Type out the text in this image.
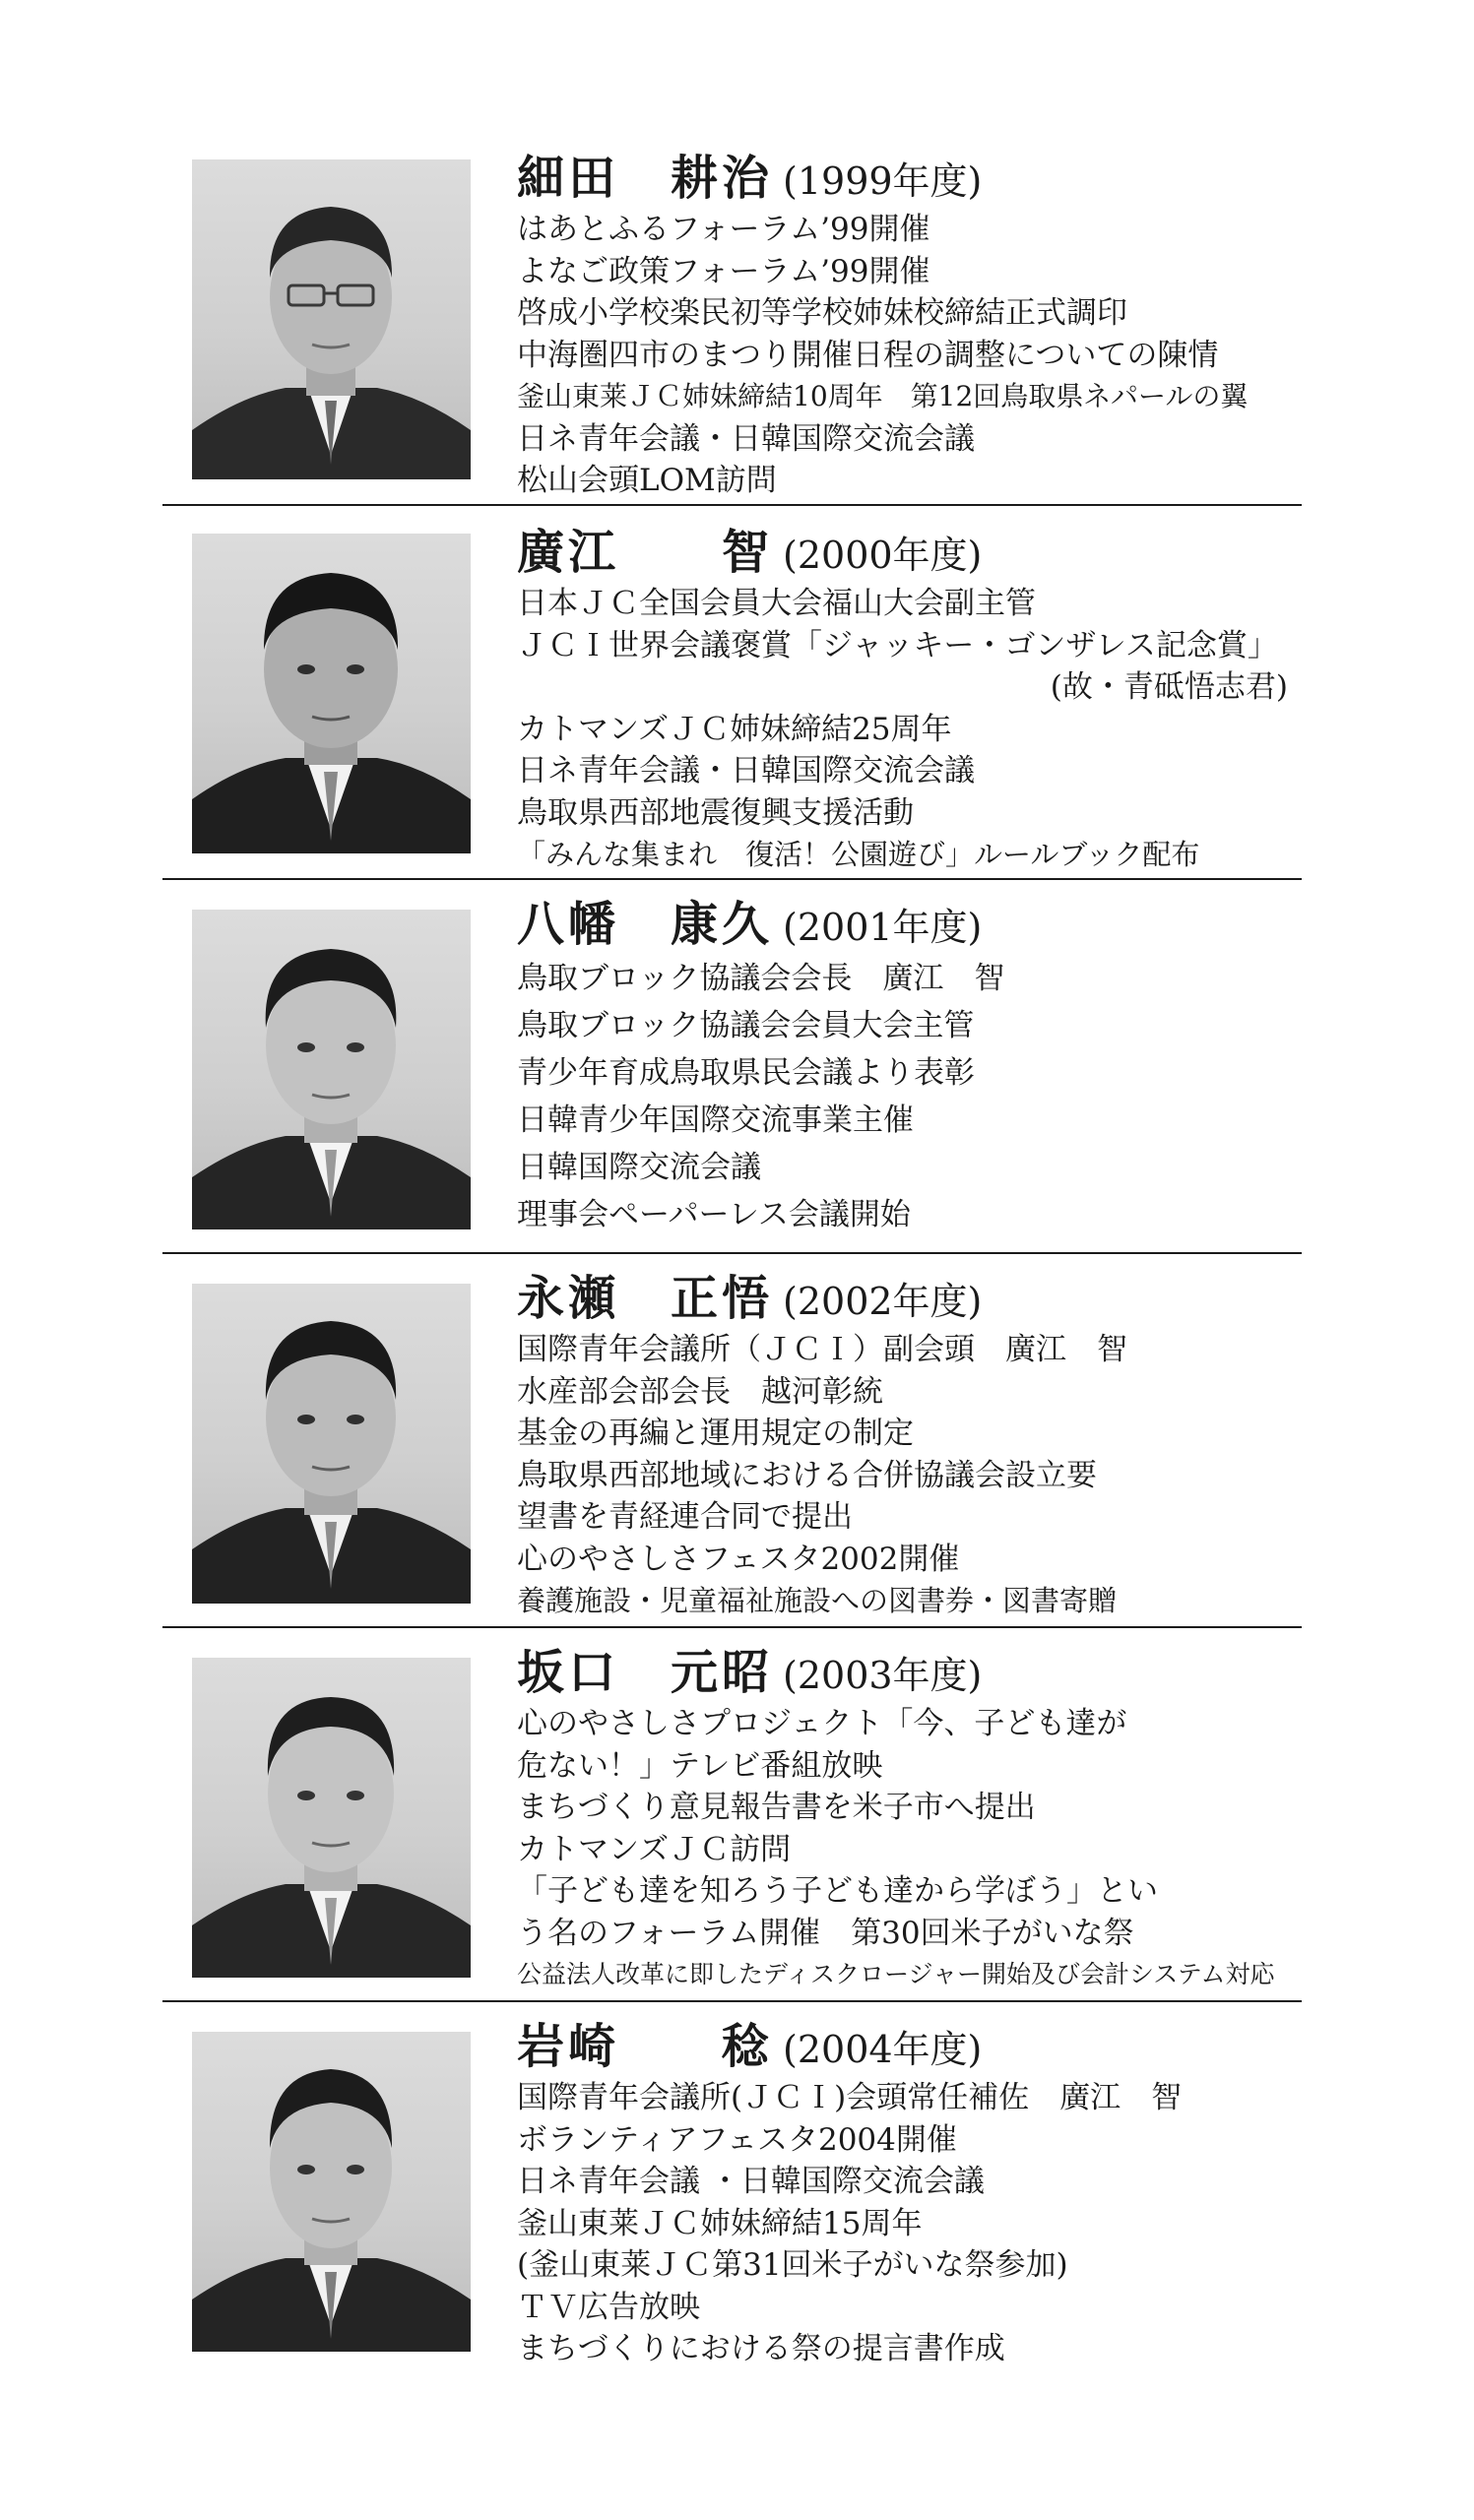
細田　耕治 (1999年度)
はあとふるフォーラム’99開催
よなご政策フォーラム’99開催
啓成小学校楽民初等学校姉妹校締結正式調印
中海圏四市のまつり開催日程の調整についての陳情
釜山東莱ＪＣ姉妹締結10周年　第12回鳥取県ネパールの翼
日ネ青年会議・日韓国際交流会議
松山会頭LOM訪問
廣江　　智 (2000年度)
日本ＪＣ全国会員大会福山大会副主管
ＪＣＩ世界会議褒賞「ジャッキー・ゴンザレス記念賞」
(故・青砥悟志君)
カトマンズＪＣ姉妹締結25周年
日ネ青年会議・日韓国際交流会議
鳥取県西部地震復興支援活動
「みんな集まれ　復活！公園遊び」ルールブック配布
八幡　康久 (2001年度)
鳥取ブロック協議会会長　廣江　智
鳥取ブロック協議会会員大会主管
青少年育成鳥取県民会議より表彰
日韓青少年国際交流事業主催
日韓国際交流会議
理事会ペーパーレス会議開始
永瀬　正悟 (2002年度)
国際青年会議所（ＪＣＩ）副会頭　廣江　智
水産部会部会長　越河彰統
基金の再編と運用規定の制定
鳥取県西部地域における合併協議会設立要
望書を青経連合同で提出
心のやさしさフェスタ2002開催
養護施設・児童福祉施設への図書券・図書寄贈
坂口　元昭 (2003年度)
心のやさしさプロジェクト「今、子ども達が
危ない！」テレビ番組放映
まちづくり意見報告書を米子市へ提出
カトマンズＪＣ訪問
「子ども達を知ろう子ども達から学ぼう」とい
う名のフォーラム開催　第30回米子がいな祭
公益法人改革に即したディスクロージャー開始及び会計システム対応
岩崎　　稔 (2004年度)
国際青年会議所(ＪＣＩ)会頭常任補佐　廣江　智
ボランティアフェスタ2004開催
日ネ青年会議 ・日韓国際交流会議
釜山東莱ＪＣ姉妹締結15周年
(釜山東莱ＪＣ第31回米子がいな祭参加)
ＴＶ広告放映
まちづくりにおける祭の提言書作成
